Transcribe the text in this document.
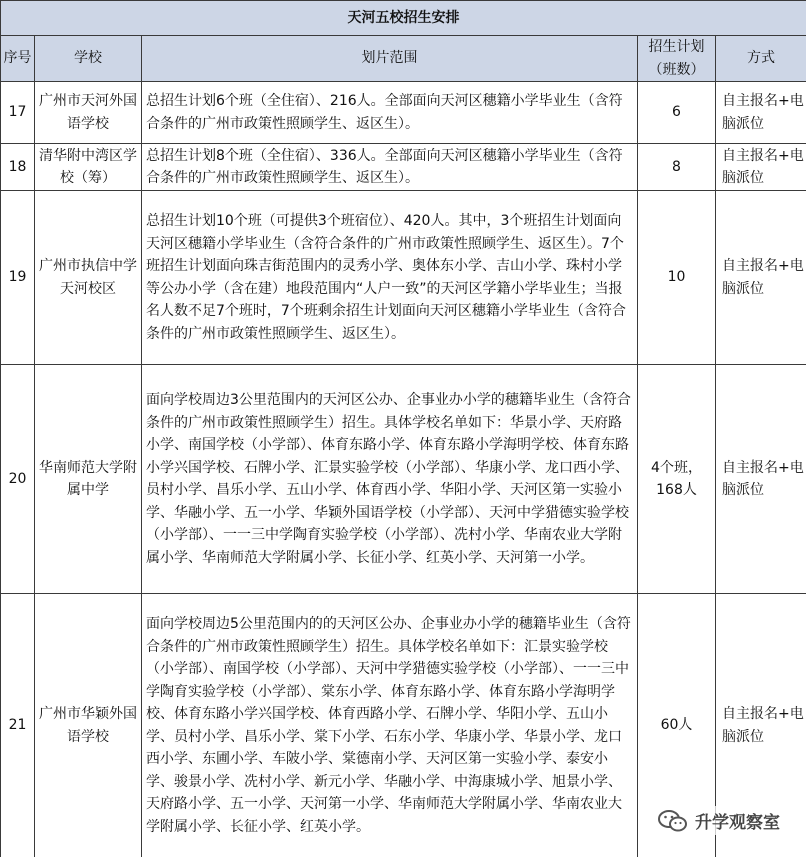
天河五校招生安排				
序号	学校	划片范围	招生计划（班数）	方式
17	广州市天河外国语学校	总招生计划6个班（全住宿）、216人。全部面向天河区穗籍小学毕业生（含符合条件的广州市政策性照顾学生、返区生）。	6	自主报名+电脑派位
18	清华附中湾区学校（筹）	总招生计划8个班（全住宿）、336人。全部面向天河区穗籍小学毕业生（含符合条件的广州市政策性照顾学生、返区生）。	8	自主报名+电脑派位
19	广州市执信中学天河校区	总招生计划10个班（可提供3个班宿位）、420人。其中，3个班招生计划面向天河区穗籍小学毕业生（含符合条件的广州市政策性照顾学生、返区生）。7个班招生计划面向珠吉街范围内的灵秀小学、奥体东小学、吉山小学、珠村小学等公办小学（含在建）地段范围内“人户一致”的天河区学籍小学毕业生；当报名人数不足7个班时，7个班剩余招生计划面向天河区穗籍小学毕业生（含符合条件的广州市政策性照顾学生、返区生）。	10	自主报名+电脑派位
20	华南师范大学附属中学	面向学校周边3公里范围内的天河区公办、企事业办小学的穗籍毕业生（含符合条件的广州市政策性照顾学生）招生。具体学校名单如下：华景小学、天府路小学、南国学校（小学部）、体育东路小学、体育东路小学海明学校、体育东路小学兴国学校、石牌小学、汇景实验学校（小学部）、华康小学、龙口西小学、员村小学、昌乐小学、五山小学、体育西小学、华阳小学、天河区第一实验小学、华融小学、五一小学、华颖外国语学校（小学部）、天河中学猎德实验学校（小学部）、一一三中学陶育实验学校（小学部）、冼村小学、华南农业大学附属小学、华南师范大学附属小学、长征小学、红英小学、天河第一小学。	4个班，168人	自主报名+电脑派位
21	广州市华颖外国语学校	面向学校周边5公里范围内的的天河区公办、企事业办小学的穗籍毕业生（含符合条件的广州市政策性照顾学生）招生。具体学校名单如下：汇景实验学校（小学部）、南国学校（小学部）、天河中学猎德实验学校（小学部）、一一三中学陶育实验学校（小学部）、棠东小学、体育东路小学、体育东路小学海明学校、体育东路小学兴国学校、体育西路小学、石牌小学、华阳小学、五山小学、员村小学、昌乐小学、棠下小学、石东小学、华康小学、华景小学、龙口西小学、东圃小学、车陂小学、棠德南小学、天河区第一实验小学、泰安小学、骏景小学、冼村小学、新元小学、华融小学、中海康城小学、旭景小学、天府路小学、五一小学、天河第一小学、华南师范大学附属小学、华南农业大学附属小学、长征小学、红英小学。	60人	自主报名+电脑派位
升学观察室
